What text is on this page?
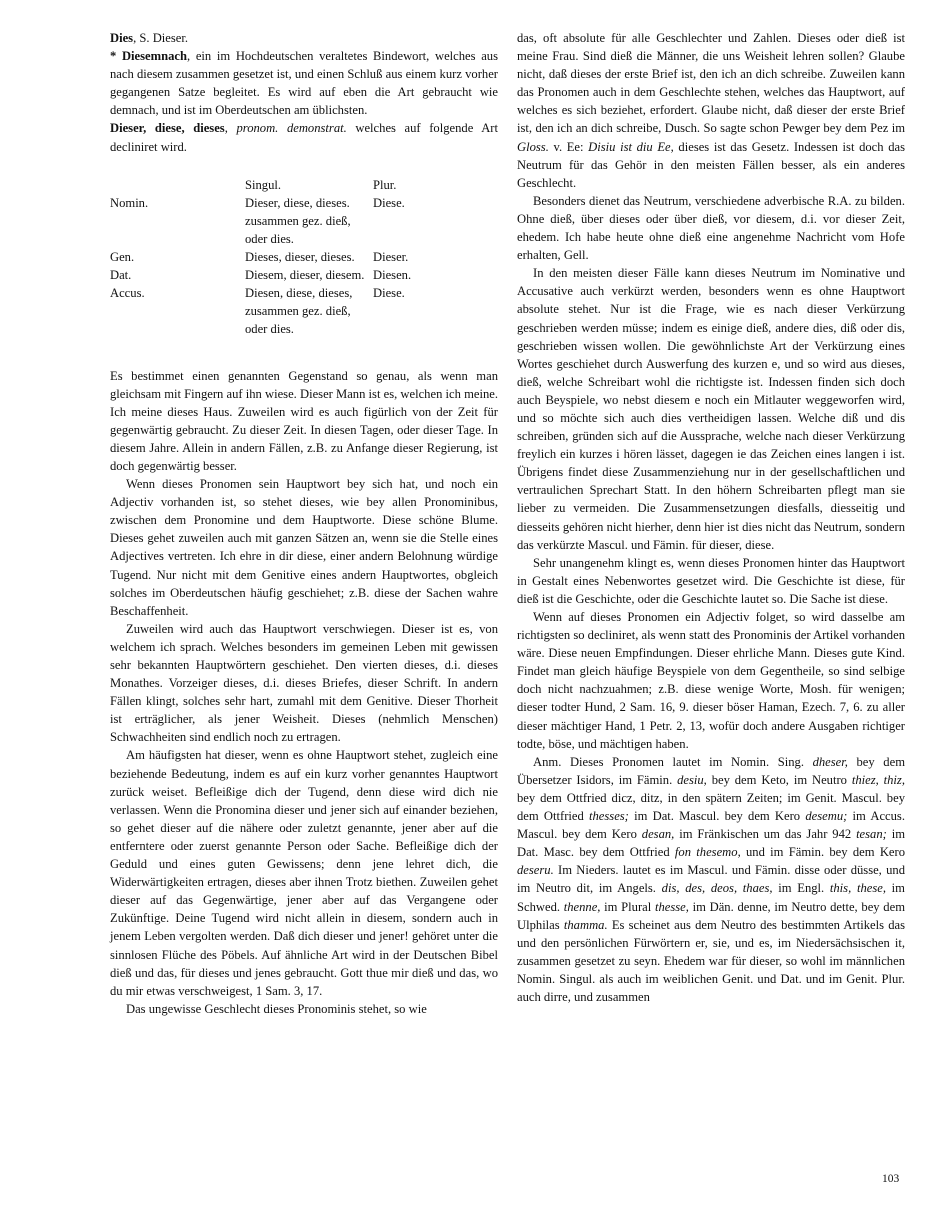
Dies, S. Dieser.

* Diesemnach, ein im Hochdeutschen veraltetes Bindewort, welches aus nach diesem zusammen gesetzet ist, und einen Schluß aus einem kurz vorher gegangenen Satze begleitet. Es wird auf eben die Art gebraucht wie demnach, und ist im Oberdeutschen am üblichsten.

Dieser, diese, dieses, pronom. demonstrat. welches auf folgende Art decliniret wird.

	Singul.	Plur.
Nomin.	Dieser, diese, dieses. zusammen gez. dieß, oder dies.	Diese.
Gen.	Dieses, dieser, dieses.	Dieser.
Dat.	Diesem, dieser, diesem.	Diesen.
Accus.	Diesen, diese, dieses, zusammen gez. dieß, oder dies.	Diese.

Es bestimmet einen genannten Gegenstand so genau, als wenn man gleichsam mit Fingern auf ihn wiese. Dieser Mann ist es, welchen ich meine. Ich meine dieses Haus. Zuweilen wird es auch figürlich von der Zeit für gegenwärtig gebraucht. Zu dieser Zeit. In diesen Tagen, oder dieser Tage. In diesem Jahre. Allein in andern Fällen, z.B. zu Anfange dieser Regierung, ist doch gegenwärtig besser.

Wenn dieses Pronomen sein Hauptwort bey sich hat, und noch ein Adjectiv vorhanden ist, so stehet dieses, wie bey allen Pronominibus, zwischen dem Pronomine und dem Hauptworte. Diese schöne Blume. Dieses gehet zuweilen auch mit ganzen Sätzen an, wenn sie die Stelle eines Adjectives vertreten. Ich ehre in dir diese, einer andern Belohnung würdige Tugend. Nur nicht mit dem Genitive eines andern Hauptwortes, obgleich solches im Oberdeutschen häufig geschiehet; z.B. diese der Sachen wahre Beschaffenheit.

Zuweilen wird auch das Hauptwort verschwiegen. Dieser ist es, von welchem ich sprach. Welches besonders im gemeinen Leben mit gewissen sehr bekannten Hauptwörtern geschiehet. Den vierten dieses, d.i. dieses Monathes. Vorzeiger dieses, d.i. dieses Briefes, dieser Schrift. In andern Fällen klingt, solches sehr hart, zumahl mit dem Genitive. Dieser Thorheit ist erträglicher, als jener Weisheit. Dieses (nehmlich Menschen) Schwachheiten sind endlich noch zu ertragen.

Am häufigsten hat dieser, wenn es ohne Hauptwort stehet, zugleich eine beziehende Bedeutung, indem es auf ein kurz vorher genanntes Hauptwort zurück weiset. Befleißige dich der Tugend, denn diese wird dich nie verlassen. Wenn die Pronomina dieser und jener sich auf einander beziehen, so gehet dieser auf die nähere oder zuletzt genannte, jener aber auf die entferntere oder zuerst genannte Person oder Sache. Befleißige dich der Geduld und eines guten Gewissens; denn jene lehret dich, die Widerwärtigkeiten ertragen, dieses aber ihnen Trotz biethen. Zuweilen gehet dieser auf das Gegenwärtige, jener aber auf das Vergangene oder Zukünftige. Deine Tugend wird nicht allein in diesem, sondern auch in jenem Leben vergolten werden. Daß dich dieser und jener! gehöret unter die sinnlosen Flüche des Pöbels. Auf ähnliche Art wird in der Deutschen Bibel dieß und das, für dieses und jenes gebraucht. Gott thue mir dieß und das, wo du mir etwas verschweigest, 1 Sam. 3, 17.

Das ungewisse Geschlecht dieses Pronominis stehet, so wie

das, oft absolute für alle Geschlechter und Zahlen. Dieses oder dieß ist meine Frau. Sind dieß die Männer, die uns Weisheit lehren sollen? Glaube nicht, daß dieses der erste Brief ist, den ich an dich schreibe. Zuweilen kann das Pronomen auch in dem Geschlechte stehen, welches das Hauptwort, auf welches es sich beziehet, erfordert. Glaube nicht, daß dieser der erste Brief ist, den ich an dich schreibe, Dusch. So sagte schon Pewger bey dem Pez im Gloss. v. Ee: Disiu ist diu Ee, dieses ist das Gesetz. Indessen ist doch das Neutrum für das Gehör in den meisten Fällen besser, als ein anderes Geschlecht.

Besonders dienet das Neutrum, verschiedene adverbische R.A. zu bilden. Ohne dieß, über dieses oder über dieß, vor diesem, d.i. vor dieser Zeit, ehedem. Ich habe heute ohne dieß eine angenehme Nachricht vom Hofe erhalten, Gell.

In den meisten dieser Fälle kann dieses Neutrum im Nominative und Accusative auch verkürzt werden, besonders wenn es ohne Hauptwort absolute stehet. Nur ist die Frage, wie es nach dieser Verkürzung geschrieben werden müsse; indem es einige dieß, andere dies, diß oder dis, geschrieben wissen wollen. Die gewöhnlichste Art der Verkürzung eines Wortes geschiehet durch Auswerfung des kurzen e, und so wird aus dieses, dieß, welche Schreibart wohl die richtigste ist. Indessen finden sich doch auch Beyspiele, wo nebst diesem e noch ein Mitlauter weggeworfen wird, und so möchte sich auch dies vertheidigen lassen. Welche diß und dis schreiben, gründen sich auf die Aussprache, welche nach dieser Verkürzung freylich ein kurzes i hören lässet, dagegen ie das Zeichen eines langen i ist. Übrigens findet diese Zusammenziehung nur in der gesellschaftlichen und vertraulichen Sprechart Statt. In den höhern Schreibarten pflegt man sie lieber zu vermeiden. Die Zusammensetzungen diesfalls, diesseitig und diesseits gehören nicht hierher, denn hier ist dies nicht das Neutrum, sondern das verkürzte Mascul. und Fämin. für dieser, diese.

Sehr unangenehm klingt es, wenn dieses Pronomen hinter das Hauptwort in Gestalt eines Nebenwortes gesetzet wird. Die Geschichte ist diese, für dieß ist die Geschichte, oder die Geschichte lautet so. Die Sache ist diese.

Wenn auf dieses Pronomen ein Adjectiv folget, so wird dasselbe am richtigsten so decliniret, als wenn statt des Pronominis der Artikel vorhanden wäre. Diese neuen Empfindungen. Dieser ehrliche Mann. Dieses gute Kind. Findet man gleich häufige Beyspiele von dem Gegentheile, so sind selbige doch nicht nachzuahmen; z.B. diese wenige Worte, Mosh. für wenigen; dieser todter Hund, 2 Sam. 16, 9. dieser böser Haman, Ezech. 7, 6. zu aller dieser mächtiger Hand, 1 Petr. 2, 13, wofür doch andere Ausgaben richtiger todte, böse, und mächtigen haben.

Anm. Dieses Pronomen lautet im Nomin. Sing. dheser, bey dem Übersetzer Isidors, im Fämin. desiu, bey dem Keto, im Neutro thiez, thiz, bey dem Ottfried dicz, ditz, in den spätern Zeiten; im Genit. Mascul. bey dem Ottfried thesses; im Dat. Mascul. bey dem Kero desemu; im Accus. Mascul. bey dem Kero desan, im Fränkischen um das Jahr 942 tesan; im Dat. Masc. bey dem Ottfried fon thesemo, und im Fämin. bey dem Kero deseru. Im Nieders. lautet es im Mascul. und Fämin. disse oder düsse, und im Neutro dit, im Angels. dis, des, deos, thaes, im Engl. this, these, im Schwed. thenne, im Plural thesse, im Dän. denne, im Neutro dette, bey dem Ulphilas thamma. Es scheinet aus dem Neutro des bestimmten Artikels das und den persönlichen Fürwörtern er, sie, und es, im Niedersächsischen it, zusammen gesetzet zu seyn. Ehedem war für dieser, so wohl im männlichen Nomin. Singul. als auch im weiblichen Genit. und Dat. und im Genit. Plur. auch dirre, und zusammen

103
